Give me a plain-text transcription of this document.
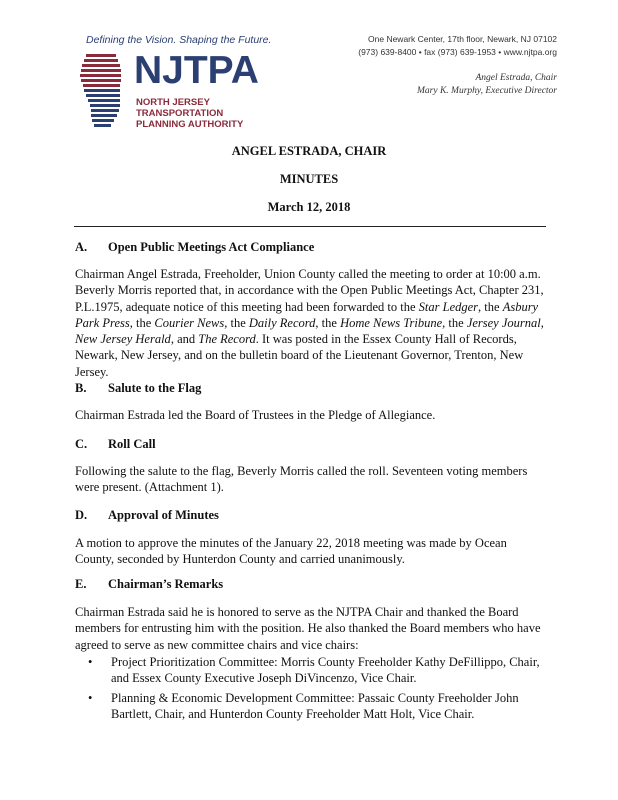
Defining the Vision. Shaping the Future.
NJTPA
NORTH JERSEY
TRANSPORTATION
PLANNING AUTHORITY
One Newark Center, 17th floor, Newark, NJ 07102
(973) 639-8400 • fax (973) 639-1953 • www.njtpa.org
Angel Estrada, Chair
Mary K. Murphy, Executive Director
ANGEL ESTRADA, CHAIR
MINUTES
March 12, 2018
A. Open Public Meetings Act Compliance
Chairman Angel Estrada, Freeholder, Union County called the meeting to order at 10:00 a.m. Beverly Morris reported that, in accordance with the Open Public Meetings Act, Chapter 231, P.L.1975, adequate notice of this meeting had been forwarded to the Star Ledger, the Asbury Park Press, the Courier News, the Daily Record, the Home News Tribune, the Jersey Journal, New Jersey Herald, and The Record. It was posted in the Essex County Hall of Records, Newark, New Jersey, and on the bulletin board of the Lieutenant Governor, Trenton, New Jersey.
B. Salute to the Flag
Chairman Estrada led the Board of Trustees in the Pledge of Allegiance.
C. Roll Call
Following the salute to the flag, Beverly Morris called the roll. Seventeen voting members were present. (Attachment 1).
D. Approval of Minutes
A motion to approve the minutes of the January 22, 2018 meeting was made by Ocean County, seconded by Hunterdon County and carried unanimously.
E. Chairman’s Remarks
Chairman Estrada said he is honored to serve as the NJTPA Chair and thanked the Board members for entrusting him with the position. He also thanked the Board members who have agreed to serve as new committee chairs and vice chairs:
• Project Prioritization Committee: Morris County Freeholder Kathy DeFillippo, Chair, and Essex County Executive Joseph DiVincenzo, Vice Chair.
• Planning & Economic Development Committee: Passaic County Freeholder John Bartlett, Chair, and Hunterdon County Freeholder Matt Holt, Vice Chair.
